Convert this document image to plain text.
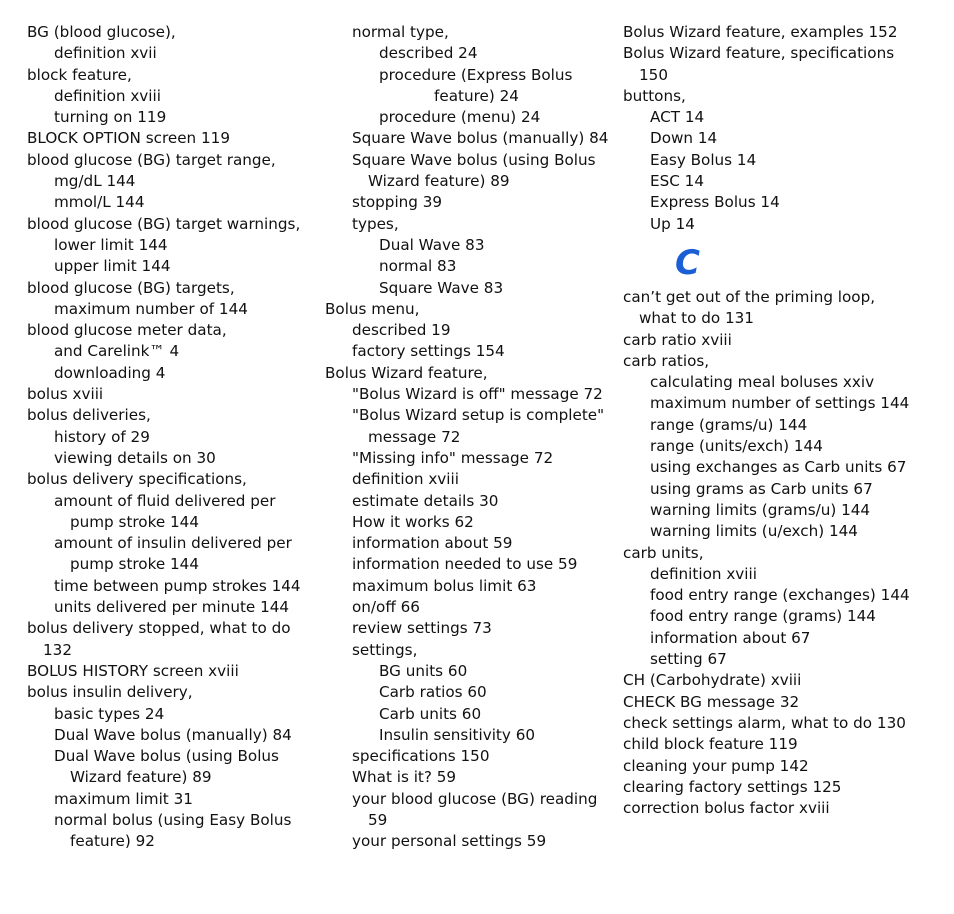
BG (blood glucose),
definition xvii
block feature,
definition xviii
turning on 119
BLOCK OPTION screen 119
blood glucose (BG) target range,
mg/dL 144
mmol/L 144
blood glucose (BG) target warnings,
lower limit 144
upper limit 144
blood glucose (BG) targets,
maximum number of 144
blood glucose meter data,
and Carelink™ 4
downloading 4
bolus xviii
bolus deliveries,
history of 29
viewing details on 30
bolus delivery specifications,
amount of fluid delivered per
pump stroke 144
amount of insulin delivered per
pump stroke 144
time between pump strokes 144
units delivered per minute 144
bolus delivery stopped, what to do
132
BOLUS HISTORY screen xviii
bolus insulin delivery,
basic types 24
Dual Wave bolus (manually) 84
Dual Wave bolus (using Bolus
Wizard feature) 89
maximum limit 31
normal bolus (using Easy Bolus
feature) 92
normal type,
described 24
procedure (Express Bolus
feature) 24
procedure (menu) 24
Square Wave bolus (manually) 84
Square Wave bolus (using Bolus
Wizard feature) 89
stopping 39
types,
Dual Wave 83
normal 83
Square Wave 83
Bolus menu,
described 19
factory settings 154
Bolus Wizard feature,
"Bolus Wizard is off" message 72
"Bolus Wizard setup is complete"
message 72
"Missing info" message 72
definition xviii
estimate details 30
How it works 62
information about 59
information needed to use 59
maximum bolus limit 63
on/off 66
review settings 73
settings,
BG units 60
Carb ratios 60
Carb units 60
Insulin sensitivity 60
specifications 150
What is it? 59
your blood glucose (BG) reading
59
your personal settings 59
Bolus Wizard feature, examples 152
Bolus Wizard feature, specifications
150
buttons,
ACT 14
Down 14
Easy Bolus 14
ESC 14
Express Bolus 14
Up 14
C
can’t get out of the priming loop,
what to do 131
carb ratio xviii
carb ratios,
calculating meal boluses xxiv
maximum number of settings 144
range (grams/u) 144
range (units/exch) 144
using exchanges as Carb units 67
using grams as Carb units 67
warning limits (grams/u) 144
warning limits (u/exch) 144
carb units,
definition xviii
food entry range (exchanges) 144
food entry range (grams) 144
information about 67
setting 67
CH (Carbohydrate) xviii
CHECK BG message 32
check settings alarm, what to do 130
child block feature 119
cleaning your pump 142
clearing factory settings 125
correction bolus factor xviii
